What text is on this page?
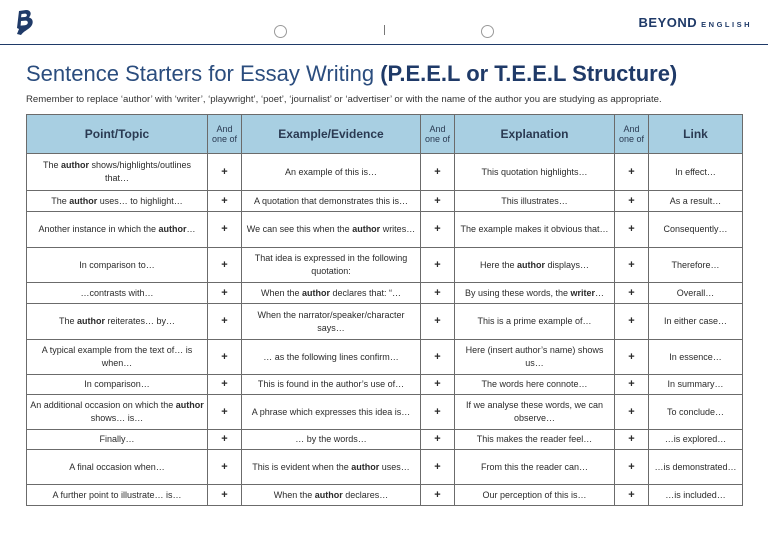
BEYOND ENGLISH
Sentence Starters for Essay Writing (P.E.E.L or T.E.E.L Structure)
Remember to replace ‘author’ with ‘writer’, ‘playwright’, ‘poet’, ‘journalist’ or ‘advertiser’ or with the name of the author you are studying as appropriate.
Point/Topic	And one of	Example/Evidence	And one of	Explanation	And one of	Link
The author shows/highlights/outlines that…	+	An example of this is…	+	This quotation highlights…	+	In effect…
The author uses… to highlight…	+	A quotation that demonstrates this is…	+	This illustrates…	+	As a result…
Another instance in which the author…	+	We can see this when the author writes…	+	The example makes it obvious that…	+	Consequently…
In comparison to…	+	That idea is expressed in the following quotation:	+	Here the author displays…	+	Therefore…
…contrasts with…	+	When the author declares that: “…	+	By using these words, the writer…	+	Overall…
The author reiterates… by…	+	When the narrator/speaker/character says…	+	This is a prime example of…	+	In either case…
A typical example from the text of… is when…	+	… as the following lines confirm…	+	Here (insert author’s name) shows us…	+	In essence…
In comparison…	+	This is found in the author’s use of…	+	The words here connote…	+	In summary…
An additional occasion on which the author shows… is…	+	A phrase which expresses this idea is…	+	If we analyse these words, we can observe…	+	To conclude…
Finally…	+	… by the words…	+	This makes the reader feel…	+	…is explored…
A final occasion when…	+	This is evident when the author uses…	+	From this the reader can…	+	…is demonstrated…
A further point to illustrate… is…	+	When the author declares…	+	Our perception of this is…	+	…is included…
